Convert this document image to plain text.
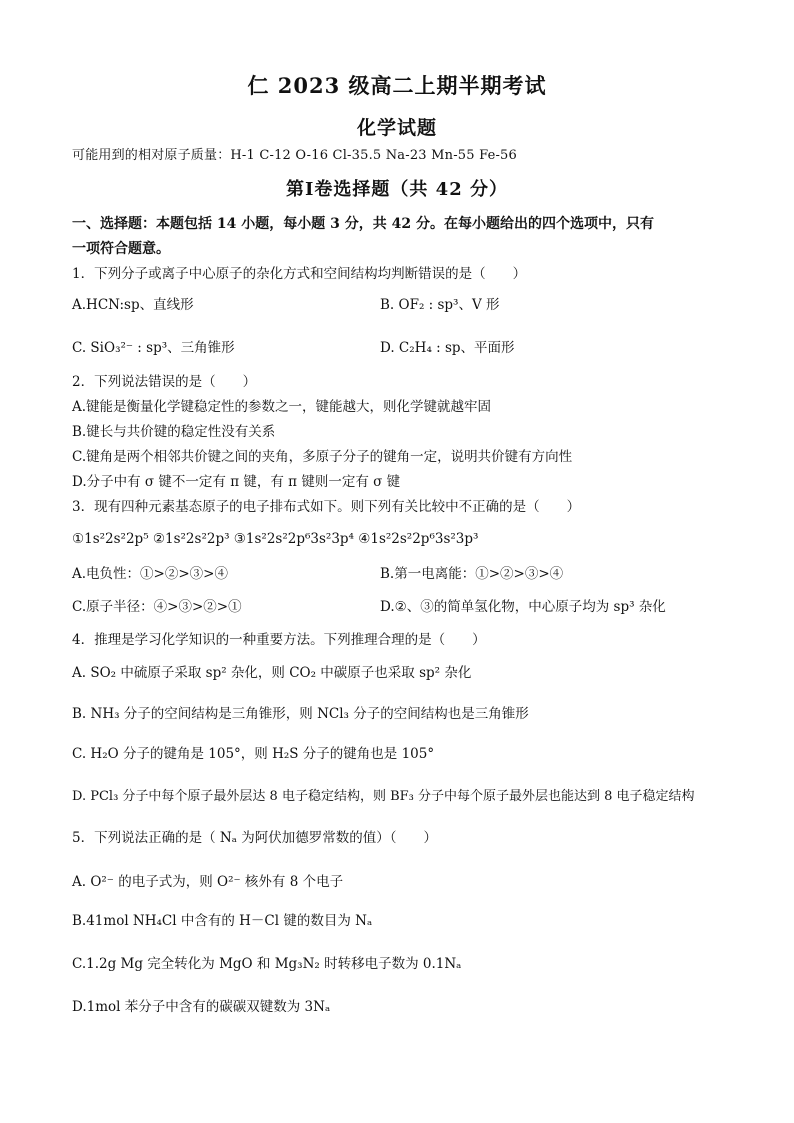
仁 2023 级高二上期半期考试
化学试题
可能用到的相对原子质量：H-1 C-12 O-16 Cl-35.5 Na-23 Mn-55 Fe-56
第Ⅰ卷选择题（共 42 分）
一、选择题：本题包括 14 小题，每小题 3 分，共 42 分。在每小题给出的四个选项中，只有
一项符合题意。
1．下列分子或离子中心原子的杂化方式和空间结构均判断错误的是（　　）
A.HCN:sp、直线形	B. OF₂ : sp³、V 形
C. SiO₃²⁻ : sp³、三角锥形	D. C₂H₄ : sp、平面形
2．下列说法错误的是（　　）
A.键能是衡量化学键稳定性的参数之一，键能越大，则化学键就越牢固
B.键长与共价键的稳定性没有关系
C.键角是两个相邻共价键之间的夹角，多原子分子的键角一定，说明共价键有方向性
D.分子中有 σ 键不一定有 π 键，有 π 键则一定有 σ 键
3．现有四种元素基态原子的电子排布式如下。则下列有关比较中不正确的是（　　）
①1s²2s²2p⁵ ②1s²2s²2p³ ③1s²2s²2p⁶3s²3p⁴ ④1s²2s²2p⁶3s²3p³
A.电负性：①>②>③>④	B.第一电离能：①>②>③>④
C.原子半径：④>③>②>①	D.②、③的简单氢化物，中心原子均为 sp³ 杂化
4．推理是学习化学知识的一种重要方法。下列推理合理的是（　　）
A. SO₂ 中硫原子采取 sp² 杂化，则 CO₂ 中碳原子也采取 sp² 杂化
B. NH₃ 分子的空间结构是三角锥形，则 NCl₃ 分子的空间结构也是三角锥形
C. H₂O 分子的键角是 105°，则 H₂S 分子的键角也是 105°
D. PCl₃ 分子中每个原子最外层达 8 电子稳定结构，则 BF₃ 分子中每个原子最外层也能达到 8 电子稳定结构
5．下列说法正确的是（ Nₐ 为阿伏加德罗常数的值）（　　）
A. O²⁻ 的电子式为，则 O²⁻ 核外有 8 个电子
B.41mol NH₄Cl 中含有的 H－Cl 键的数目为 Nₐ
C.1.2g Mg 完全转化为 MgO 和 Mg₃N₂ 时转移电子数为 0.1Nₐ
D.1mol 苯分子中含有的碳碳双键数为 3Nₐ
